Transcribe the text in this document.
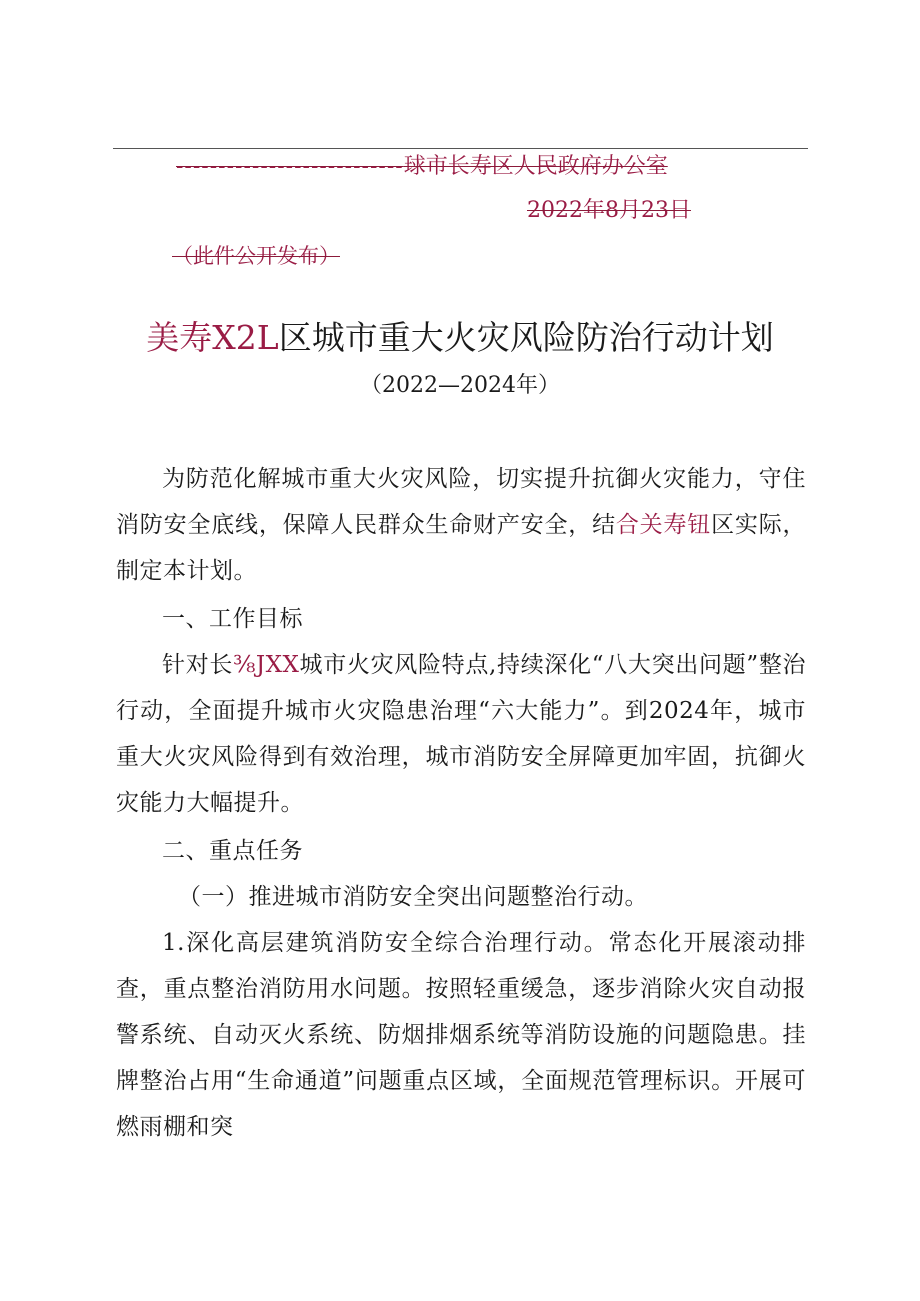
---------------------------球市长寿区人民政府办公室
2022年8月23日
（此件公开发布）
美寿X2L区城市重大火灾风险防治行动计划
（2022—2024年）

为防范化解城市重大火灾风险，切实提升抗御火灾能力，守住消防安全底线，保障人民群众生命财产安全，结合关寿钮区实际，制定本计划。

一、工作目标

针对长⅜JXX城市火灾风险特点,持续深化“八大突出问题”整治行动，全面提升城市火灾隐患治理“六大能力”。到2024年，城市重大火灾风险得到有效治理，城市消防安全屏障更加牢固，抗御火灾能力大幅提升。

二、重点任务

（一）推进城市消防安全突出问题整治行动。

1.深化高层建筑消防安全综合治理行动。常态化开展滚动排查，重点整治消防用水问题。按照轻重缓急，逐步消除火灾自动报警系统、自动灭火系统、防烟排烟系统等消防设施的问题隐患。挂牌整治占用“生命通道”问题重点区域，全面规范管理标识。开展可燃雨棚和突
